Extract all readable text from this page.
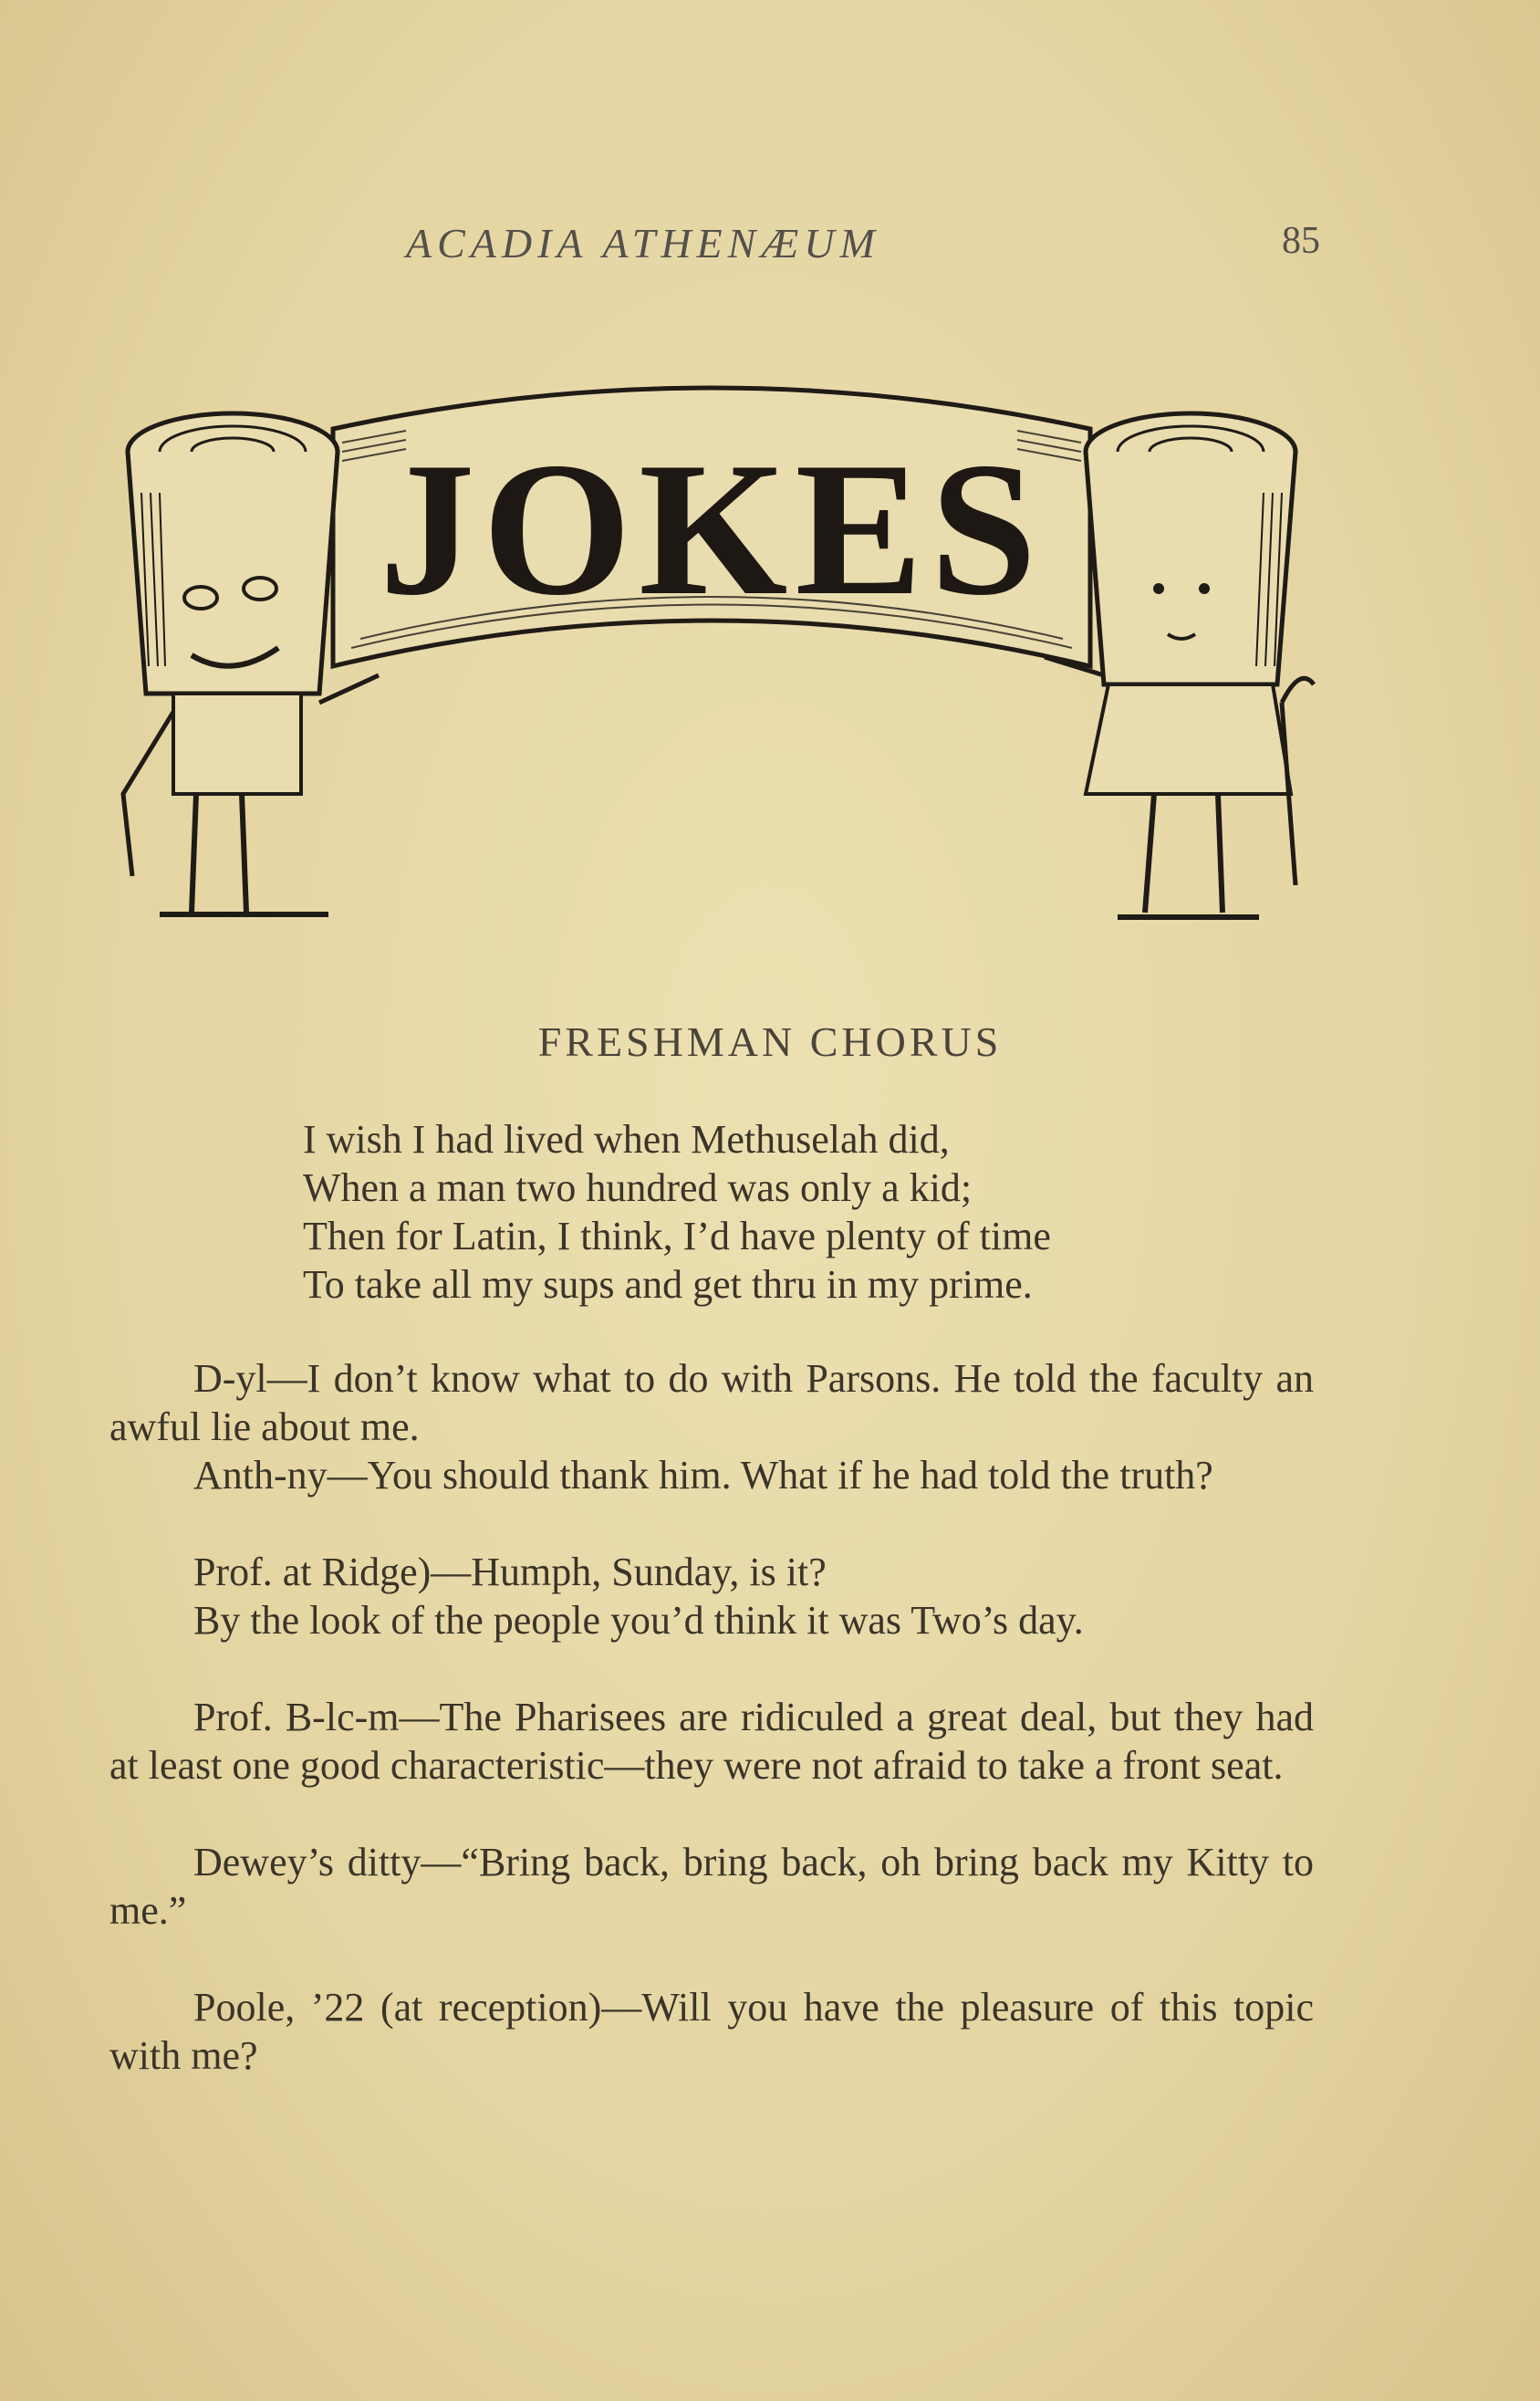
ACADIA ATHENÆUM	85
JOKES
FRESHMAN CHORUS
I wish I had lived when Methuselah did,
When a man two hundred was only a kid;
Then for Latin, I think, I’d have plenty of time
To take all my sups and get thru in my prime.

D-yl—I don’t know what to do with Parsons. He told the faculty an awful lie about me.

Anth-ny—You should thank him. What if he had told the truth?

Prof. at Ridge)—Humph, Sunday, is it?

By the look of the people you’d think it was Two’s day.

Prof. B-lc-m—The Pharisees are ridiculed a great deal, but they had at least one good characteristic—they were not afraid to take a front seat.

Dewey’s ditty—“Bring back, bring back, oh bring back my Kitty to me.”

Poole, ’22 (at reception)—Will you have the pleasure of this topic with me?
